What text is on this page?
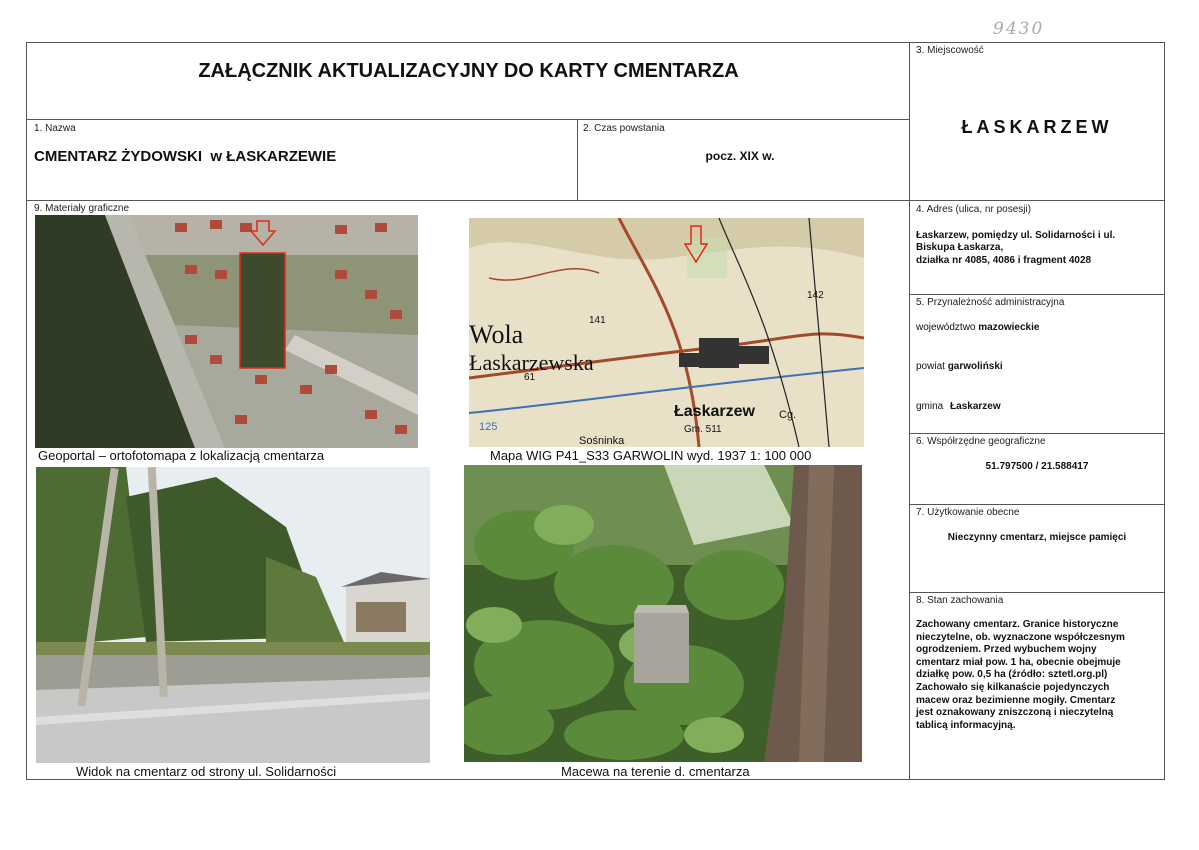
9430
ZAŁĄCZNIK AKTUALIZACYJNY DO KARTY CMENTARZA
1. Nazwa
CMENTARZ ŻYDOWSKI  w ŁASKARZEWIE
2. Czas powstania
pocz. XIX w.
3. Miejscowość
ŁASKARZEW
9. Materiały graficzne	4. Adres (ulica, nr posesji)
Łaskarzew, pomiędzy ul. Solidarności i ul.
Biskupa Łaskarza,
działka nr 4085, 4086 i fragment 4028
5. Przynależność administracyjna
województwo mazowieckie
powiat garwoliński
gmina Łaskarzew
6. Współrzędne geograficzne
51.797500 / 21.588417
7. Użytkowanie obecne
Nieczynny cmentarz, miejsce pamięci
8. Stan zachowania
Zachowany cmentarz. Granice historyczne
nieczytelne, ob. wyznaczone współczesnym
ogrodzeniem. Przed wybuchem wojny
cmentarz miał pow. 1 ha, obecnie obejmuje
działkę pow. 0,5 ha (źródło: sztetl.org.pl)
Zachowało się kilkanaście pojedynczych
macew oraz bezimienne mogiły. Cmentarz
jest oznakowany zniszczoną i nieczytelną
tablicą informacyjną.
Geoportal – ortofotomapa z lokalizacją cmentarza
Wola
Łaskarzewska
Łaskarzew
Gm. 511
Sośninka
Cg.
125
142
61
141
Mapa WIG P41_S33 GARWOLIN wyd. 1937 1: 100 000
Widok na cmentarz od strony ul. Solidarności	Macewa na terenie d. cmentarza
